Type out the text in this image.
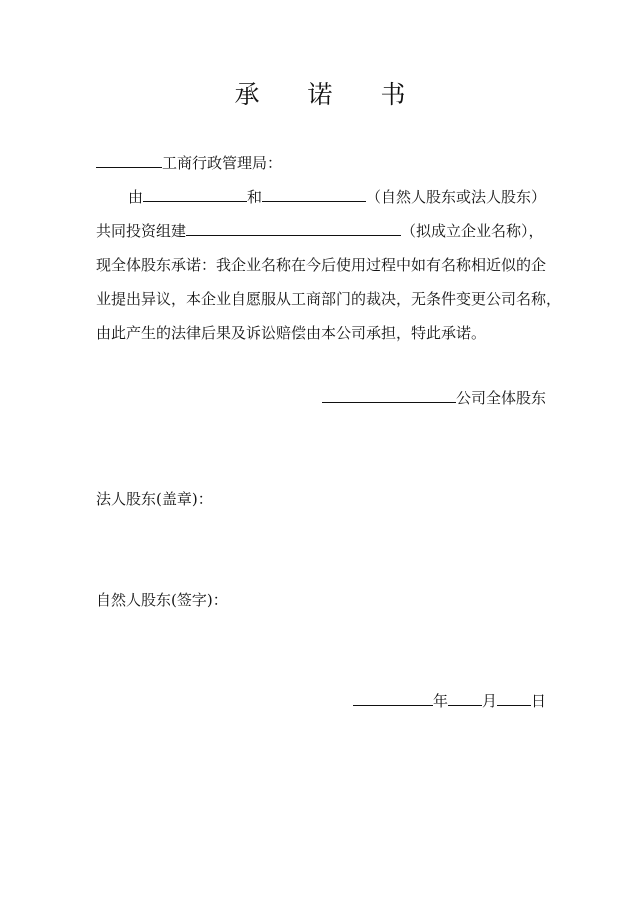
承 诺 书
工商行政管理局：
由	和	（自然人股东或法人股东）
共同投资组建	（拟成立企业名称），
现全体股东承诺：我企业名称在今后使用过程中如有名称相近似的企
业提出异议，本企业自愿服从工商部门的裁决，无条件变更公司名称，
由此产生的法律后果及诉讼赔偿由本公司承担，特此承诺。
公司全体股东
法人股东(盖章)：
自然人股东(签字)：
年 月 日
